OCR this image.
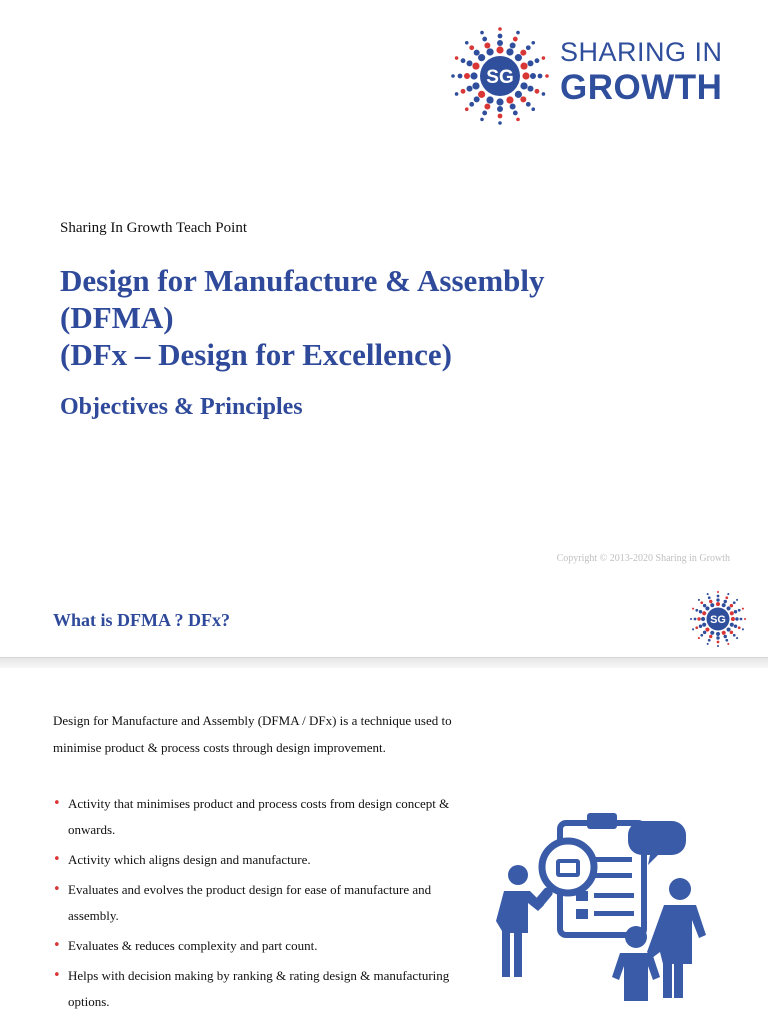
SG
SHARING IN
GROWTH
Sharing In Growth Teach Point
Design for Manufacture & Assembly
(DFMA)
(DFx – Design for Excellence)
Objectives & Principles
Copyright © 2013-2020 Sharing in Growth
What is DFMA ? DFx?	SG
Design for Manufacture and Assembly (DFMA / DFx) is a technique used to minimise product & process costs through design improvement.
• Activity that minimises product and process costs from design concept & onwards.
• Activity which aligns design and manufacture.
• Evaluates and evolves the product design for ease of manufacture and assembly.
• Evaluates & reduces complexity and part count.
• Helps with decision making by ranking & rating design & manufacturing options.
